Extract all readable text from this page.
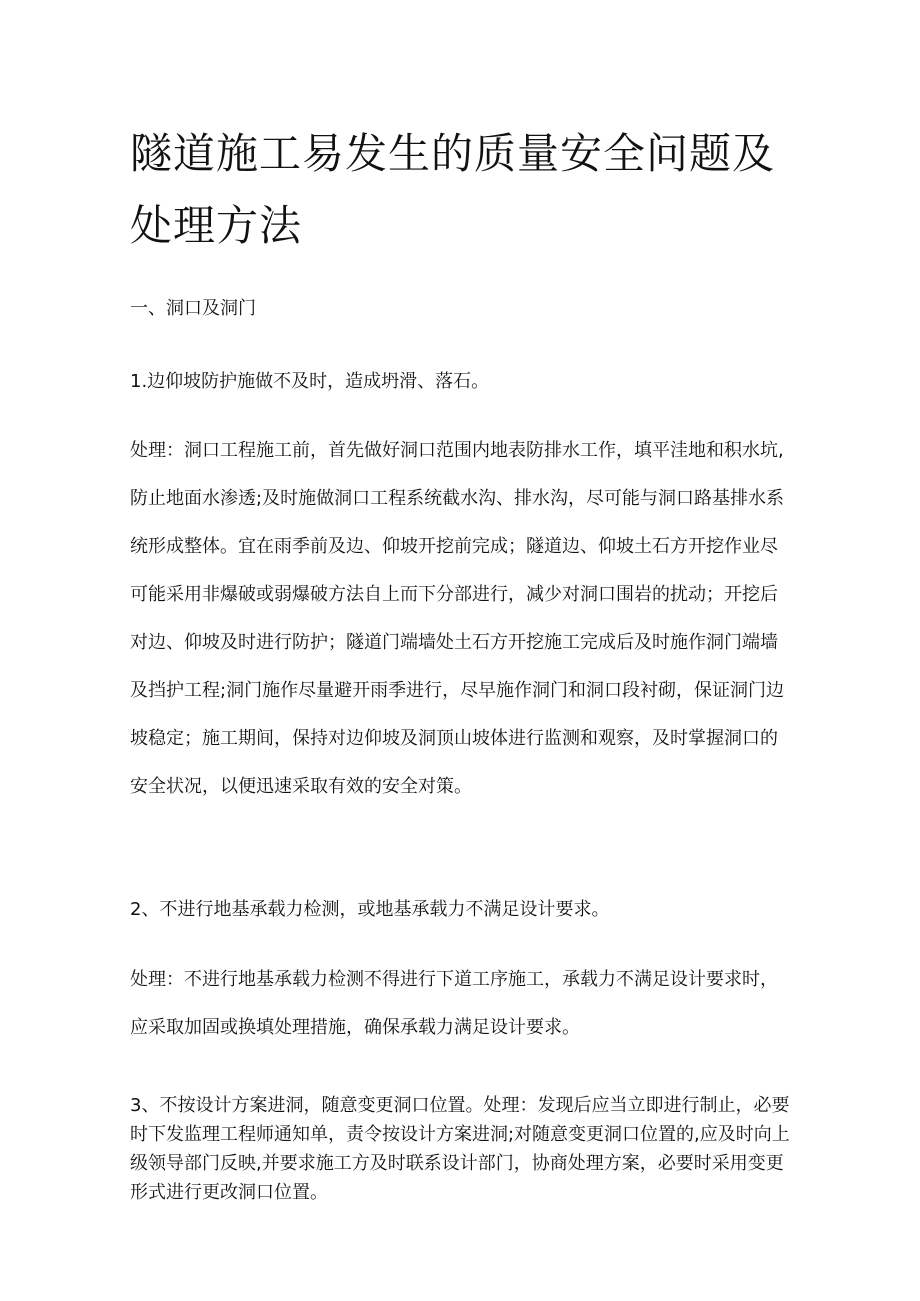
隧道施工易发生的质量安全问题及处理方法

一、洞口及洞门

1.边仰坡防护施做不及时，造成坍滑、落石。

处理：洞口工程施工前，首先做好洞口范围内地表防排水工作，填平洼地和积水坑,防止地面水渗透;及时施做洞口工程系统截水沟、排水沟，尽可能与洞口路基排水系统形成整体。宜在雨季前及边、仰坡开挖前完成；隧道边、仰坡土石方开挖作业尽可能采用非爆破或弱爆破方法自上而下分部进行，减少对洞口围岩的扰动；开挖后对边、仰坡及时进行防护；隧道门端墙处土石方开挖施工完成后及时施作洞门端墙及挡护工程;洞门施作尽量避开雨季进行，尽早施作洞门和洞口段衬砌，保证洞门边坡稳定；施工期间，保持对边仰坡及洞顶山坡体进行监测和观察，及时掌握洞口的安全状况，以便迅速采取有效的安全对策。

2、不进行地基承载力检测，或地基承载力不满足设计要求。

处理：不进行地基承载力检测不得进行下道工序施工，承载力不满足设计要求时，应采取加固或换填处理措施，确保承载力满足设计要求。

3、不按设计方案进洞，随意变更洞口位置。处理：发现后应当立即进行制止，必要时下发监理工程师通知单，责令按设计方案进洞;对随意变更洞口位置的,应及时向上级领导部门反映,并要求施工方及时联系设计部门，协商处理方案，必要时采用变更形式进行更改洞口位置。
